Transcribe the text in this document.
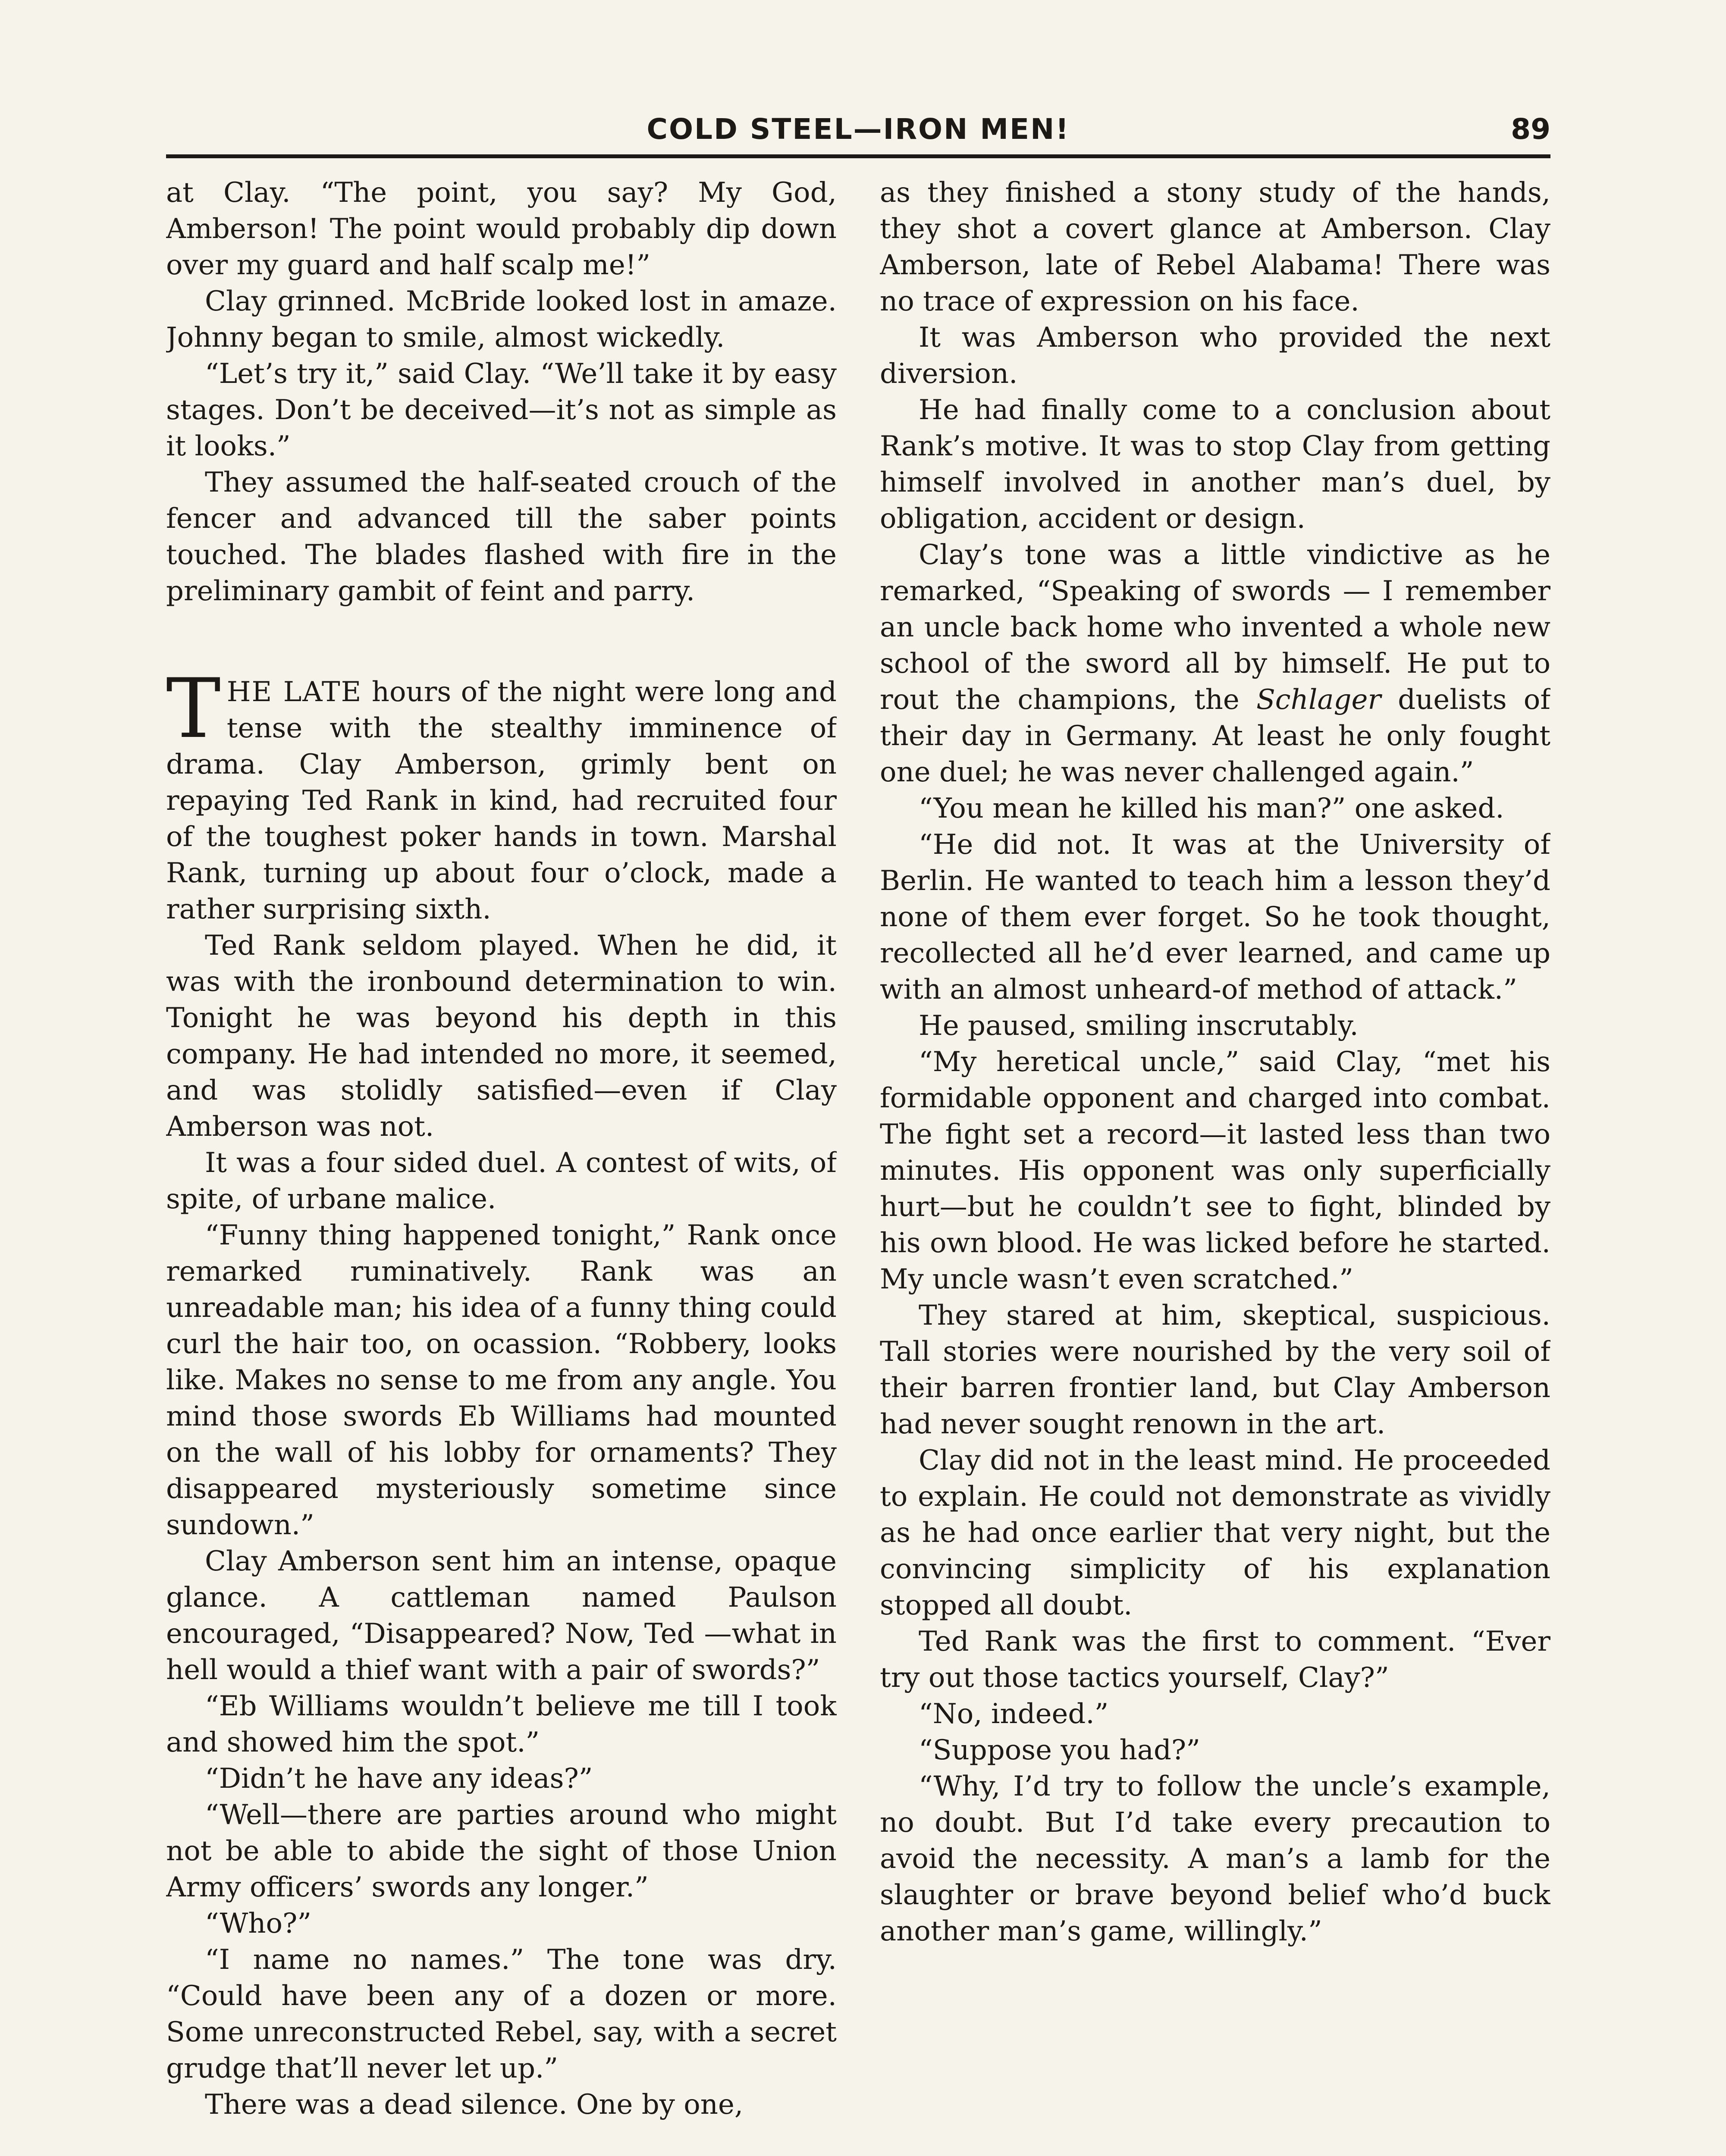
COLD STEEL—IRON MEN!	89

at Clay. “The point, you say? My God, Amberson! The point would probably dip down over my guard and half scalp me!”

Clay grinned. McBride looked lost in amaze. Johnny began to smile, almost wickedly.

“Let’s try it,” said Clay. “We’ll take it by easy stages. Don’t be deceived—it’s not as simple as it looks.”

They assumed the half-seated crouch of the fencer and advanced till the saber points touched. The blades flashed with fire in the preliminary gambit of feint and parry.

THE LATE hours of the night were long and tense with the stealthy imminence of drama. Clay Amberson, grimly bent on repaying Ted Rank in kind, had recruited four of the toughest poker hands in town. Marshal Rank, turning up about four o’clock, made a rather surprising sixth.

Ted Rank seldom played. When he did, it was with the ironbound determination to win. Tonight he was beyond his depth in this company. He had intended no more, it seemed, and was stolidly satisfied—even if Clay Amberson was not.

It was a four sided duel. A contest of wits, of spite, of urbane malice.

“Funny thing happened tonight,” Rank once remarked ruminatively. Rank was an unreadable man; his idea of a funny thing could curl the hair too, on ocassion. “Robbery, looks like. Makes no sense to me from any angle. You mind those swords Eb Williams had mounted on the wall of his lobby for ornaments? They disappeared mysteriously sometime since sundown.”

Clay Amberson sent him an intense, opaque glance. A cattleman named Paulson encouraged, “Disappeared? Now, Ted —what in hell would a thief want with a pair of swords?”

“Eb Williams wouldn’t believe me till I took and showed him the spot.”

“Didn’t he have any ideas?”

“Well—there are parties around who might not be able to abide the sight of those Union Army officers’ swords any longer.”

“Who?”

“I name no names.” The tone was dry. “Could have been any of a dozen or more. Some unreconstructed Rebel, say, with a secret grudge that’ll never let up.”

There was a dead silence. One by one,

as they finished a stony study of the hands, they shot a covert glance at Amberson. Clay Amberson, late of Rebel Alabama! There was no trace of expression on his face.

It was Amberson who provided the next diversion.

He had finally come to a conclusion about Rank’s motive. It was to stop Clay from getting himself involved in another man’s duel, by obligation, accident or design.

Clay’s tone was a little vindictive as he remarked, “Speaking of swords — I remember an uncle back home who invented a whole new school of the sword all by himself. He put to rout the champions, the Schlager duelists of their day in Germany. At least he only fought one duel; he was never challenged again.”

“You mean he killed his man?” one asked.

“He did not. It was at the University of Berlin. He wanted to teach him a lesson they’d none of them ever forget. So he took thought, recollected all he’d ever learned, and came up with an almost unheard-of method of attack.”

He paused, smiling inscrutably.

“My heretical uncle,” said Clay, “met his formidable opponent and charged into combat. The fight set a record—it lasted less than two minutes. His opponent was only superficially hurt—but he couldn’t see to fight, blinded by his own blood. He was licked before he started. My uncle wasn’t even scratched.”

They stared at him, skeptical, suspicious. Tall stories were nourished by the very soil of their barren frontier land, but Clay Amberson had never sought renown in the art.

Clay did not in the least mind. He proceeded to explain. He could not demonstrate as vividly as he had once earlier that very night, but the convincing simplicity of his explanation stopped all doubt.

Ted Rank was the first to comment. “Ever try out those tactics yourself, Clay?”

“No, indeed.”

“Suppose you had?”

“Why, I’d try to follow the uncle’s example, no doubt. But I’d take every precaution to avoid the necessity. A man’s a lamb for the slaughter or brave beyond belief who’d buck another man’s game, willingly.”
